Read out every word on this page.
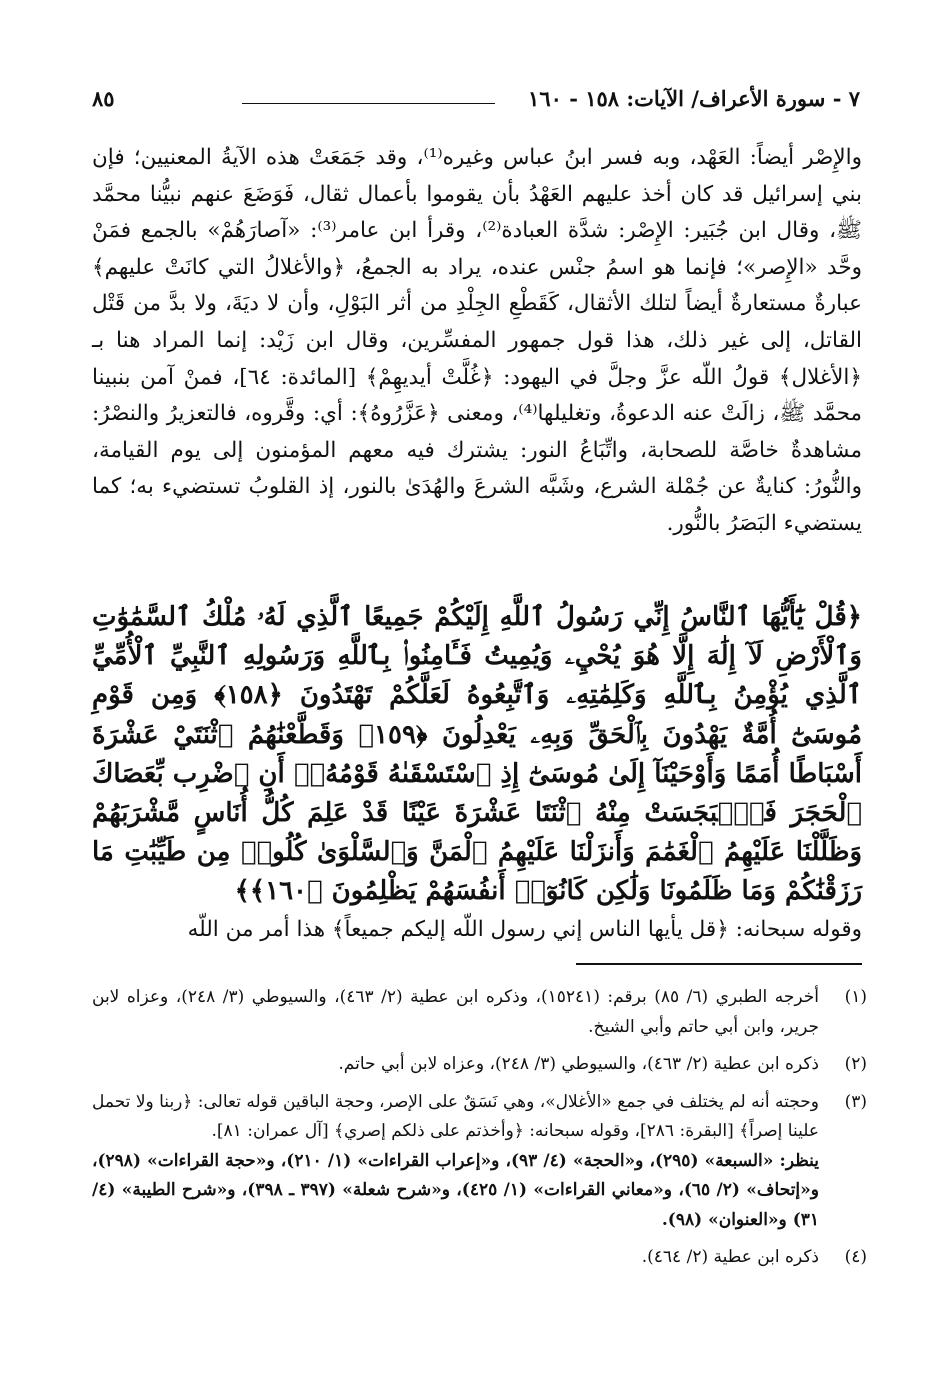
٧ - سورة الأعراف/ الآيات: ١٥٨ - ١٦٠
٨٥

والإِصْر أيضاً: العَهْد، وبه فسر ابنُ عباس وغيره⁽¹⁾، وقد جَمَعَتْ هذه الآيةُ المعنيين؛ فإن بني إسرائيل قد كان أخذ عليهم العَهْدُ بأن يقوموا بأعمال ثقال، فَوَضَعَ عنهم نبيُّنا محمَّد ﷺ، وقال ابن جُبَير: الإِصْر: شدَّة العبادة⁽²⁾، وقرأ ابن عامر⁽³⁾: «آصارَهُمْ» بالجمع فمَنْ وحَّد «الإِصر»؛ فإنما هو اسمُ جنْس عنده، يراد به الجمعُ، ﴿والأغلالُ التي كانَتْ عليهم﴾ عبارةٌ مستعارةٌ أيضاً لتلك الأثقال، كَقَطْعِ الجِلْدِ من أثر البَوْلِ، وأن لا ديَةَ، ولا بدَّ من قَتْل القاتل، إلى غير ذلك، هذا قول جمهور المفسِّرين، وقال ابن زَيْد: إنما المراد هنا بـ ﴿الأغلال﴾ قولُ اللّه عزَّ وجلَّ في اليهود: ﴿غُلَّتْ أيديهِمْ﴾ [المائدة: ٦٤]، فمنْ آمن بنبينا محمَّد ﷺ، زالَتْ عنه الدعوةُ، وتغليلها⁽⁴⁾، ومعنى ﴿عَزَّرُوهُ﴾: أي: وقَّروه، فالتعزيرُ والنصْرُ: مشاهدةٌ خاصَّة للصحابة، واتِّبَاعُ النور: يشترك فيه معهم المؤمنون إلى يوم القيامة، والنُّورُ: كنايةٌ عن جُمْلة الشرع، وشَبَّه الشرعَ والهُدَىٰ بالنور، إذ القلوبُ تستضيء به؛ كما يستضيء البَصَرُ بالنُّور.

﴿قُلْ يَٰٓأَيُّهَا ٱلنَّاسُ إِنِّي رَسُولُ ٱللَّهِ إِلَيْكُمْ جَمِيعًا ٱلَّذِي لَهُۥ مُلْكُ ٱلسَّمَٰوَٰتِ وَٱلْأَرْضِ لَآ إِلَٰهَ إِلَّا هُوَ يُحْيِۦ وَيُمِيتُ فَـَٔامِنُوا۟ بِٱللَّهِ وَرَسُولِهِ ٱلنَّبِيِّ ٱلْأُمِّيِّ ٱلَّذِي يُؤْمِنُ بِٱللَّهِ وَكَلِمَٰتِهِۦ وَٱتَّبِعُوهُ لَعَلَّكُمْ تَهْتَدُونَ ﴿١٥٨﴾ وَمِن قَوْمِ مُوسَىٰٓ أُمَّةٌ يَهْدُونَ بِٱلْحَقِّ وَبِهِۦ يَعْدِلُونَ ﴿١٥٩﴾ وَقَطَّعْنَٰهُمُ ٱثْنَتَيْ عَشْرَةَ أَسْبَاطًا أُمَمًا وَأَوْحَيْنَآ إِلَىٰ مُوسَىٰٓ إِذِ ٱسْتَسْقَىٰهُ قَوْمُهُۥٓ أَنِ ٱضْرِب بِّعَصَاكَ ٱلْحَجَرَ فَٱنۢبَجَسَتْ مِنْهُ ٱثْنَتَا عَشْرَةَ عَيْنًا قَدْ عَلِمَ كُلُّ أُنَاسٍ مَّشْرَبَهُمْ وَظَلَّلْنَا عَلَيْهِمُ ٱلْغَمَٰمَ وَأَنزَلْنَا عَلَيْهِمُ ٱلْمَنَّ وَٱلسَّلْوَىٰ كُلُوا۟ مِن طَيِّبَٰتِ مَا رَزَقْنَٰكُمْ وَمَا ظَلَمُونَا وَلَٰكِن كَانُوٓا۟ أَنفُسَهُمْ يَظْلِمُونَ ﴿١٦٠﴾﴾

وقوله سبحانه: ﴿قل يأيها الناس إني رسول اللّه إليكم جميعاً﴾ هذا أمر من اللّه

(١)

أخرجه الطبري (٦/ ٨٥) برقم: (١٥٢٤١)، وذكره ابن عطية (٢/ ٤٦٣)، والسيوطي (٣/ ٢٤٨)، وعزاه لابن جرير، وابن أبي حاتم وأبي الشيخ.

(٢)

ذكره ابن عطية (٢/ ٤٦٣)، والسيوطي (٣/ ٢٤٨)، وعزاه لابن أبي حاتم.

(٣)

وحجته أنه لم يختلف في جمع «الأغلال»، وهي نَسَقٌ على الإصر، وحجة الباقين قوله تعالى: ﴿ربنا ولا تحمل علينا إصراً﴾ [البقرة: ٢٨٦]، وقوله سبحانه: ﴿وأخذتم على ذلكم إصري﴾ [آل عمران: ٨١].

ينظر: «السبعة» (٢٩٥)، و«الحجة» (٤/ ٩٣)، و«إعراب القراءات» (١/ ٢١٠)، و«حجة القراءات» (٢٩٨)، و«إتحاف» (٢/ ٦٥)، و«معاني القراءات» (١/ ٤٢٥)، و«شرح شعلة» (٣٩٧ ـ ٣٩٨)، و«شرح الطيبة» (٤/ ٣١) و«العنوان» (٩٨).

(٤)

ذكره ابن عطية (٢/ ٤٦٤).
